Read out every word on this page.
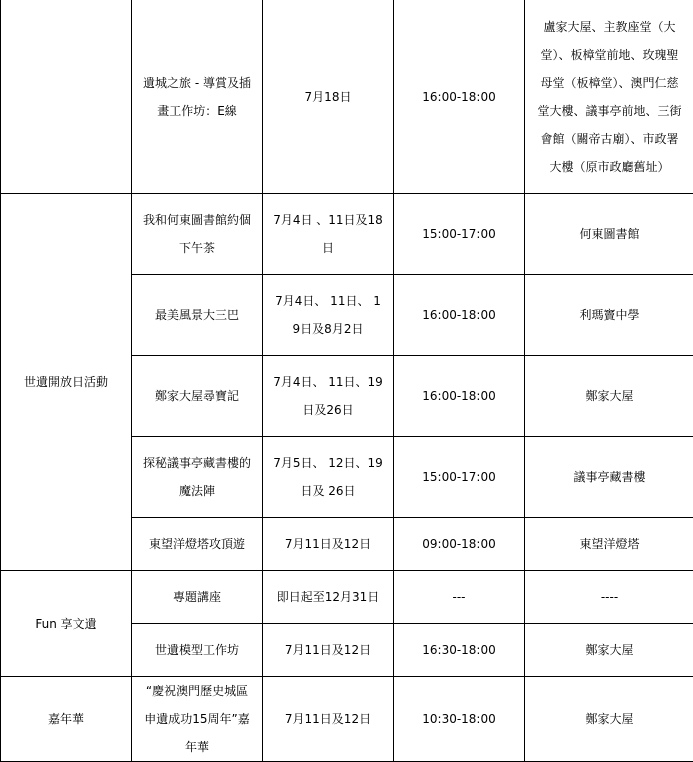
	遺城之旅 - 導賞及插畫工作坊：E線	7月18日	16:00-18:00	盧家大屋、主教座堂（大堂）、板樟堂前地、玫瑰聖母堂（板樟堂）、澳門仁慈堂大樓、議事亭前地、三街會館（關帝古廟）、市政署大樓（原市政廳舊址）
世遺開放日活動	我和何東圖書館約個下午茶	7月4日 、11日及18日	15:00-17:00	何東圖書館
	最美風景大三巴	7月4日、 11日、 19日及8月2日	16:00-18:00	利瑪竇中學
	鄭家大屋尋寶記	7月4日、 11日、19日及26日	16:00-18:00	鄭家大屋
	探秘議事亭藏書樓的魔法陣	7月5日、 12日、19日及 26日	15:00-17:00	議事亭藏書樓
	東望洋燈塔攻頂遊	7月11日及12日	09:00-18:00	東望洋燈塔
Fun 享文遺	專題講座	即日起至12月31日	---	----
	世遺模型工作坊	7月11日及12日	16:30-18:00	鄭家大屋
嘉年華	“慶祝澳門歷史城區申遺成功15周年”嘉年華	7月11日及12日	10:30-18:00	鄭家大屋
